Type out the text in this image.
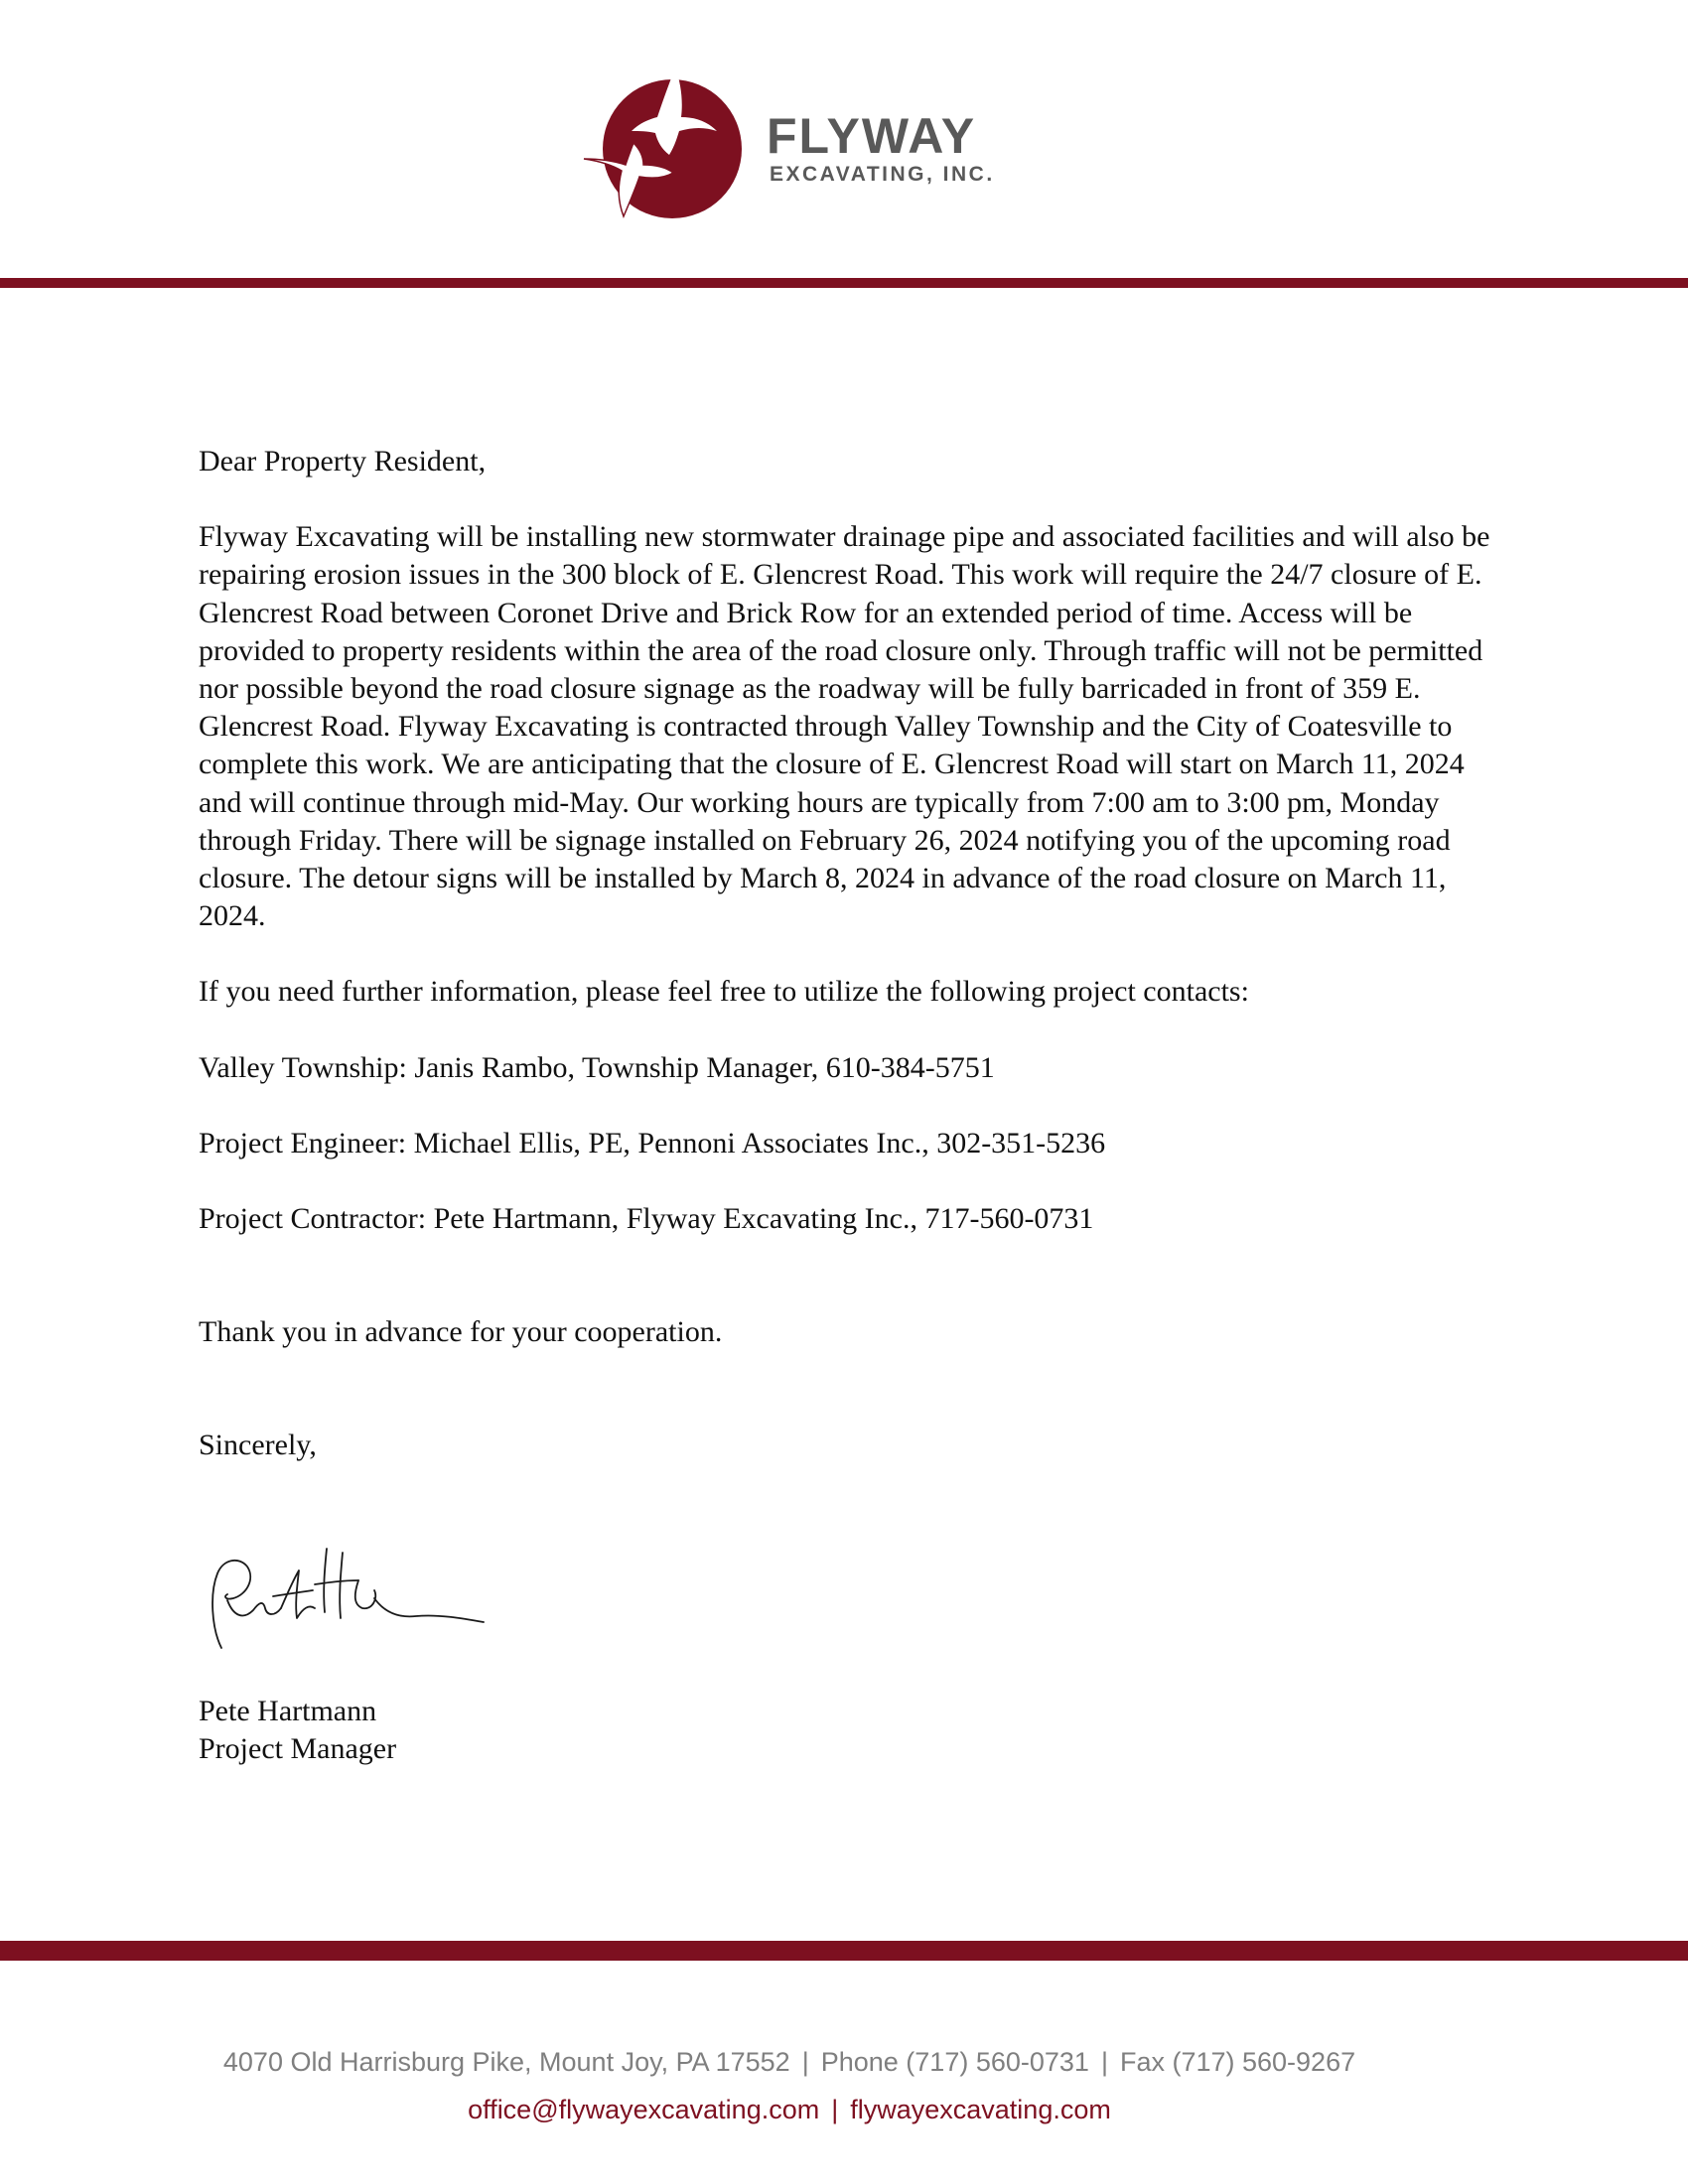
FLYWAY
EXCAVATING, INC.

Dear Property Resident,

Flyway Excavating will be installing new stormwater drainage pipe and associated facilities and will also be repairing erosion issues in the 300 block of E. Glencrest Road. This work will require the 24/7 closure of E. Glencrest Road between Coronet Drive and Brick Row for an extended period of time. Access will be provided to property residents within the area of the road closure only. Through traffic will not be permitted nor possible beyond the road closure signage as the roadway will be fully barricaded in front of 359 E. Glencrest Road. Flyway Excavating is contracted through Valley Township and the City of Coatesville to complete this work. We are anticipating that the closure of E. Glencrest Road will start on March 11, 2024 and will continue through mid-May. Our working hours are typically from 7:00 am to 3:00 pm, Monday through Friday. There will be signage installed on February 26, 2024 notifying you of the upcoming road closure. The detour signs will be installed by March 8, 2024 in advance of the road closure on March 11, 2024.

If you need further information, please feel free to utilize the following project contacts:

Valley Township: Janis Rambo, Township Manager, 610-384-5751

Project Engineer: Michael Ellis, PE, Pennoni Associates Inc., 302-351-5236

Project Contractor: Pete Hartmann, Flyway Excavating Inc., 717-560-0731

Thank you in advance for your cooperation.

Sincerely,

Pete Hartmann
Project Manager
4070 Old Harrisburg Pike, Mount Joy, PA 17552 | Phone (717) 560-0731 | Fax (717) 560-9267
office@flywayexcavating.com | flywayexcavating.com
